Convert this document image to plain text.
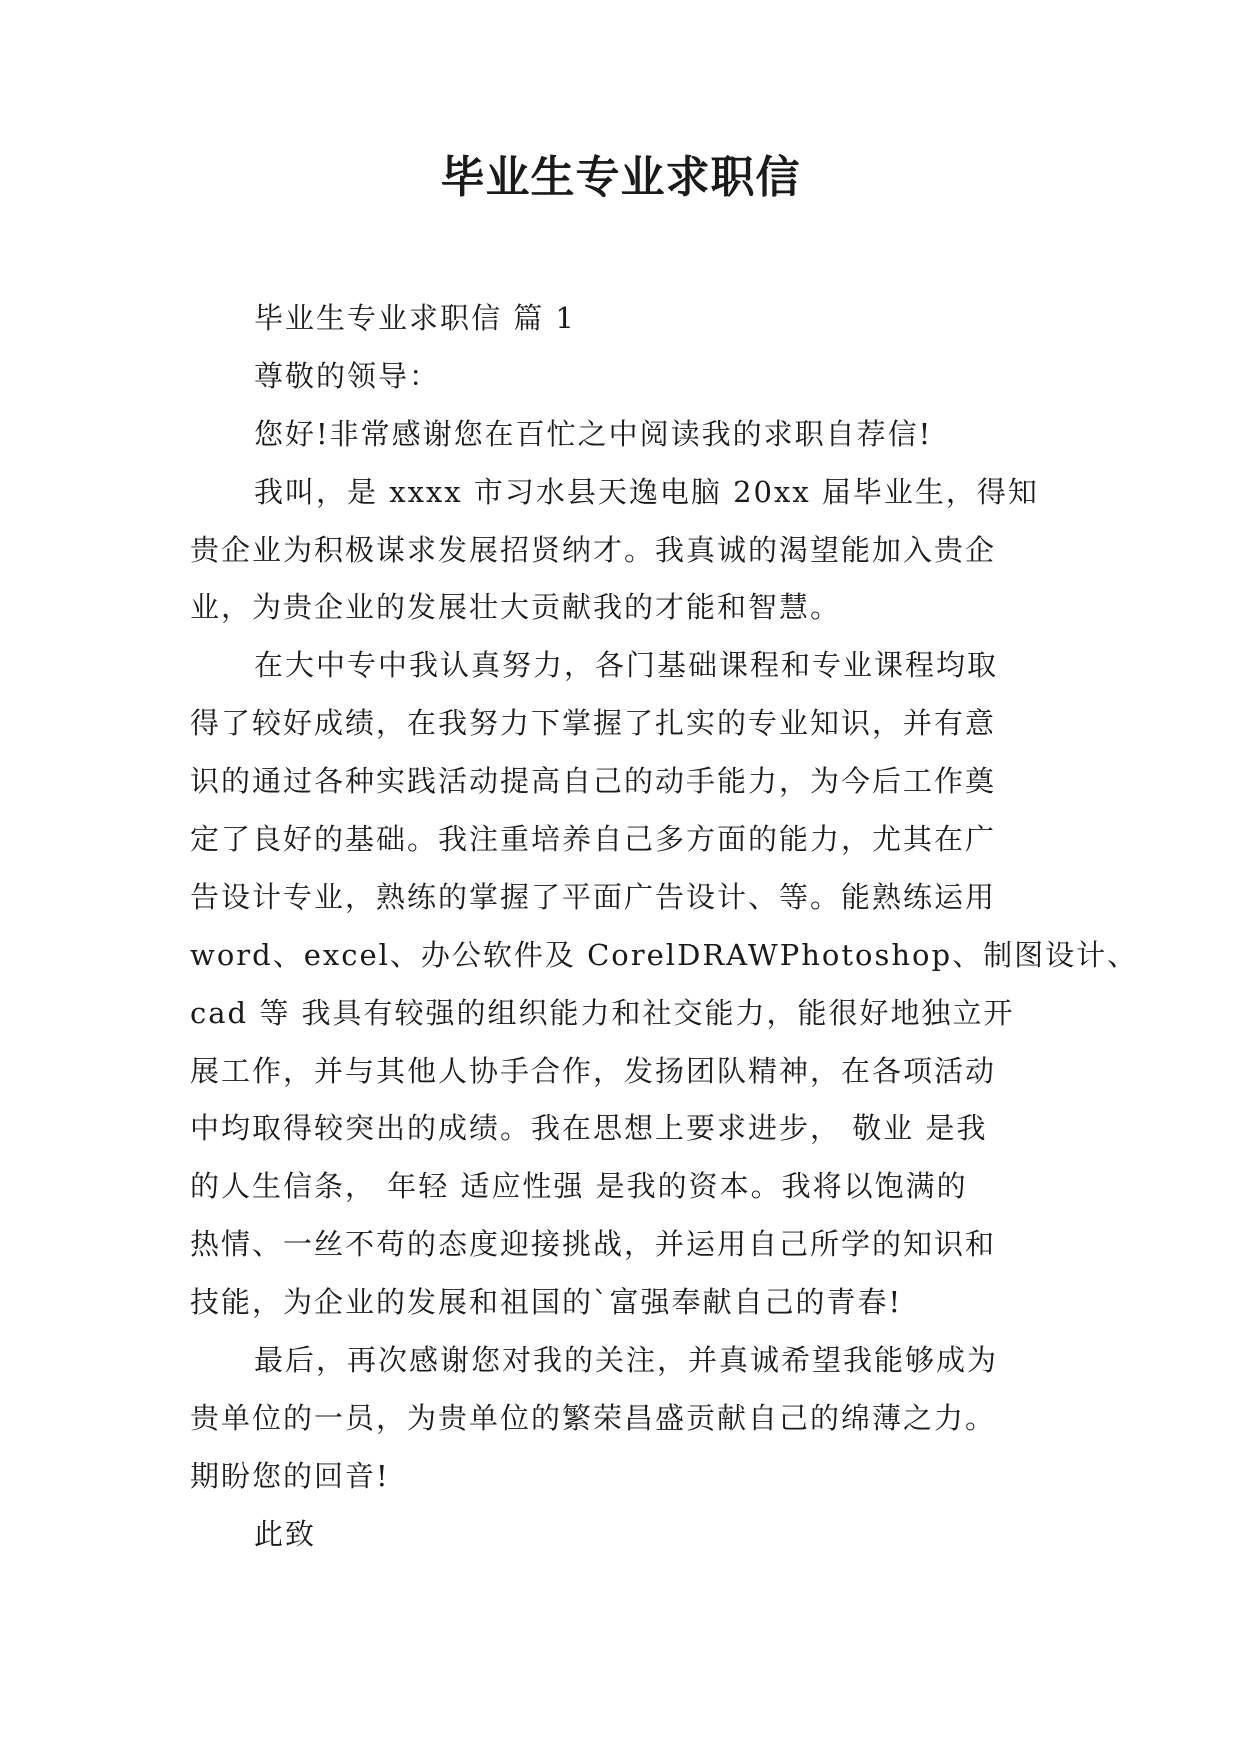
毕业生专业求职信
毕业生专业求职信 篇 1
尊敬的领导：
您好!非常感谢您在百忙之中阅读我的求职自荐信!
我叫，是 xxxx 市习水县天逸电脑 20xx 届毕业生，得知
贵企业为积极谋求发展招贤纳才。我真诚的渴望能加入贵企
业，为贵企业的发展壮大贡献我的才能和智慧。
在大中专中我认真努力，各门基础课程和专业课程均取
得了较好成绩，在我努力下掌握了扎实的专业知识，并有意
识的通过各种实践活动提高自己的动手能力，为今后工作奠
定了良好的基础。我注重培养自己多方面的能力，尤其在广
告设计专业，熟练的掌握了平面广告设计、等。能熟练运用
word、excel、办公软件及 CorelDRAWPhotoshop、制图设计、
cad 等 我具有较强的组织能力和社交能力，能很好地独立开
展工作，并与其他人协手合作，发扬团队精神，在各项活动
中均取得较突出的成绩。我在思想上要求进步， 敬业 是我
的人生信条， 年轻 适应性强 是我的资本。我将以饱满的
热情、一丝不苟的态度迎接挑战，并运用自己所学的知识和
技能，为企业的发展和祖国的`富强奉献自己的青春!
最后，再次感谢您对我的关注，并真诚希望我能够成为
贵单位的一员，为贵单位的繁荣昌盛贡献自己的绵薄之力。
期盼您的回音!
此致
